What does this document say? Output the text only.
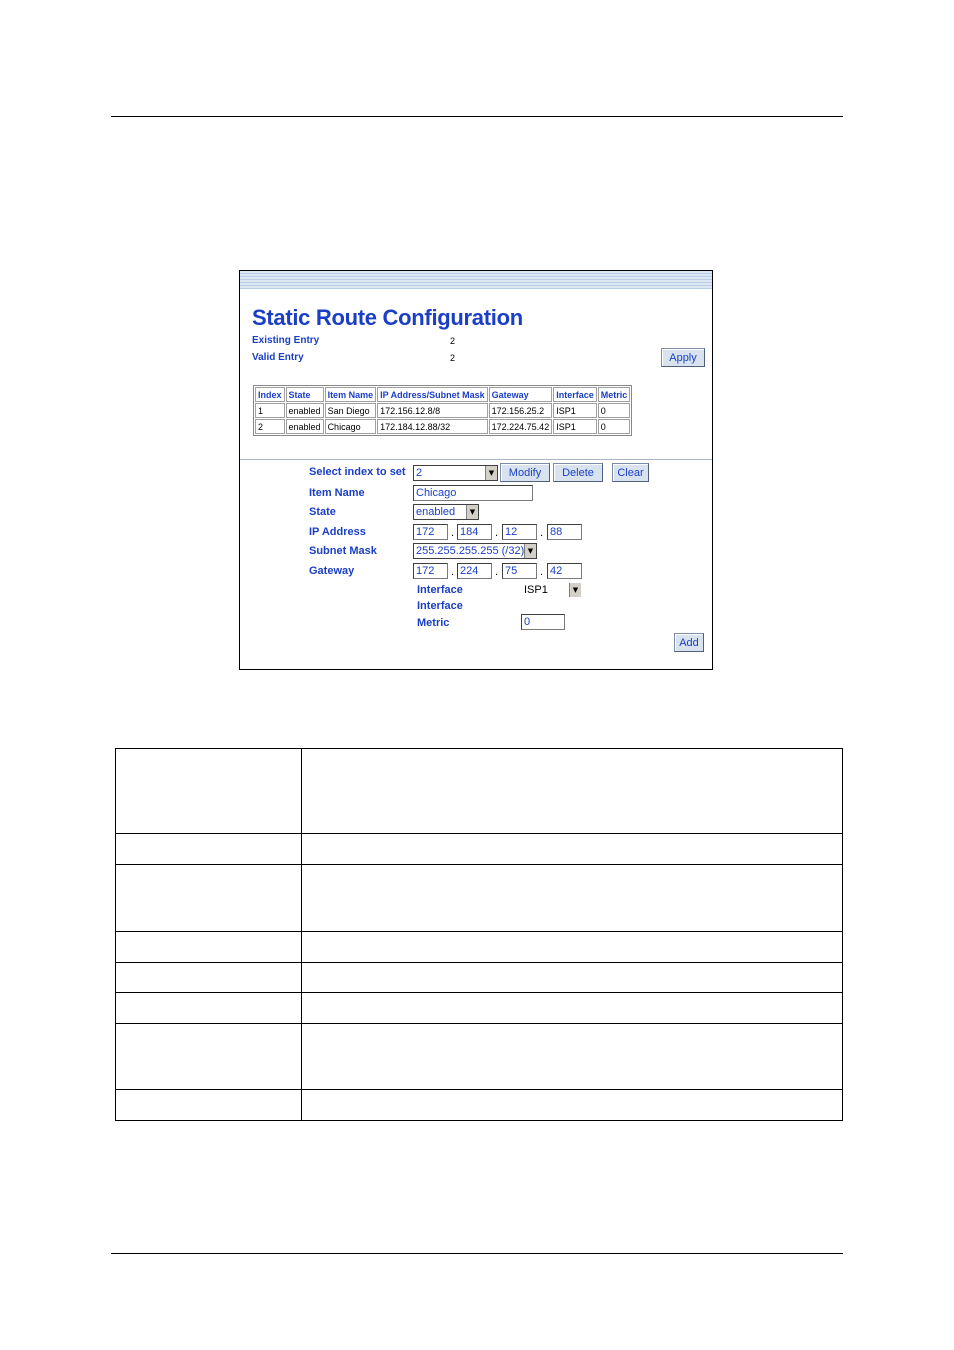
Static Route Configuration
Existing Entry	2
Valid Entry	2	Apply
Index	State	Item Name	IP Address/Subnet Mask	Gateway	Interface	Metric
1	enabled	San Diego	172.156.12.8/8	172.156.25.2	ISP1	0
2	enabled	Chicago	172.184.12.88/32	172.224.75.42	ISP1	0
Select index to set 2	▼	Modify	Delete	Clear
Item Name	Chicago
State	enabled	▼
IP Address	172	. 184	. 12	. 88
Subnet Mask	255.255.255.255 (/32) ▼
Gateway	172	. 224	. 75	. 42
Interface	ISP1	▼
Interface
Metric	0
Add
